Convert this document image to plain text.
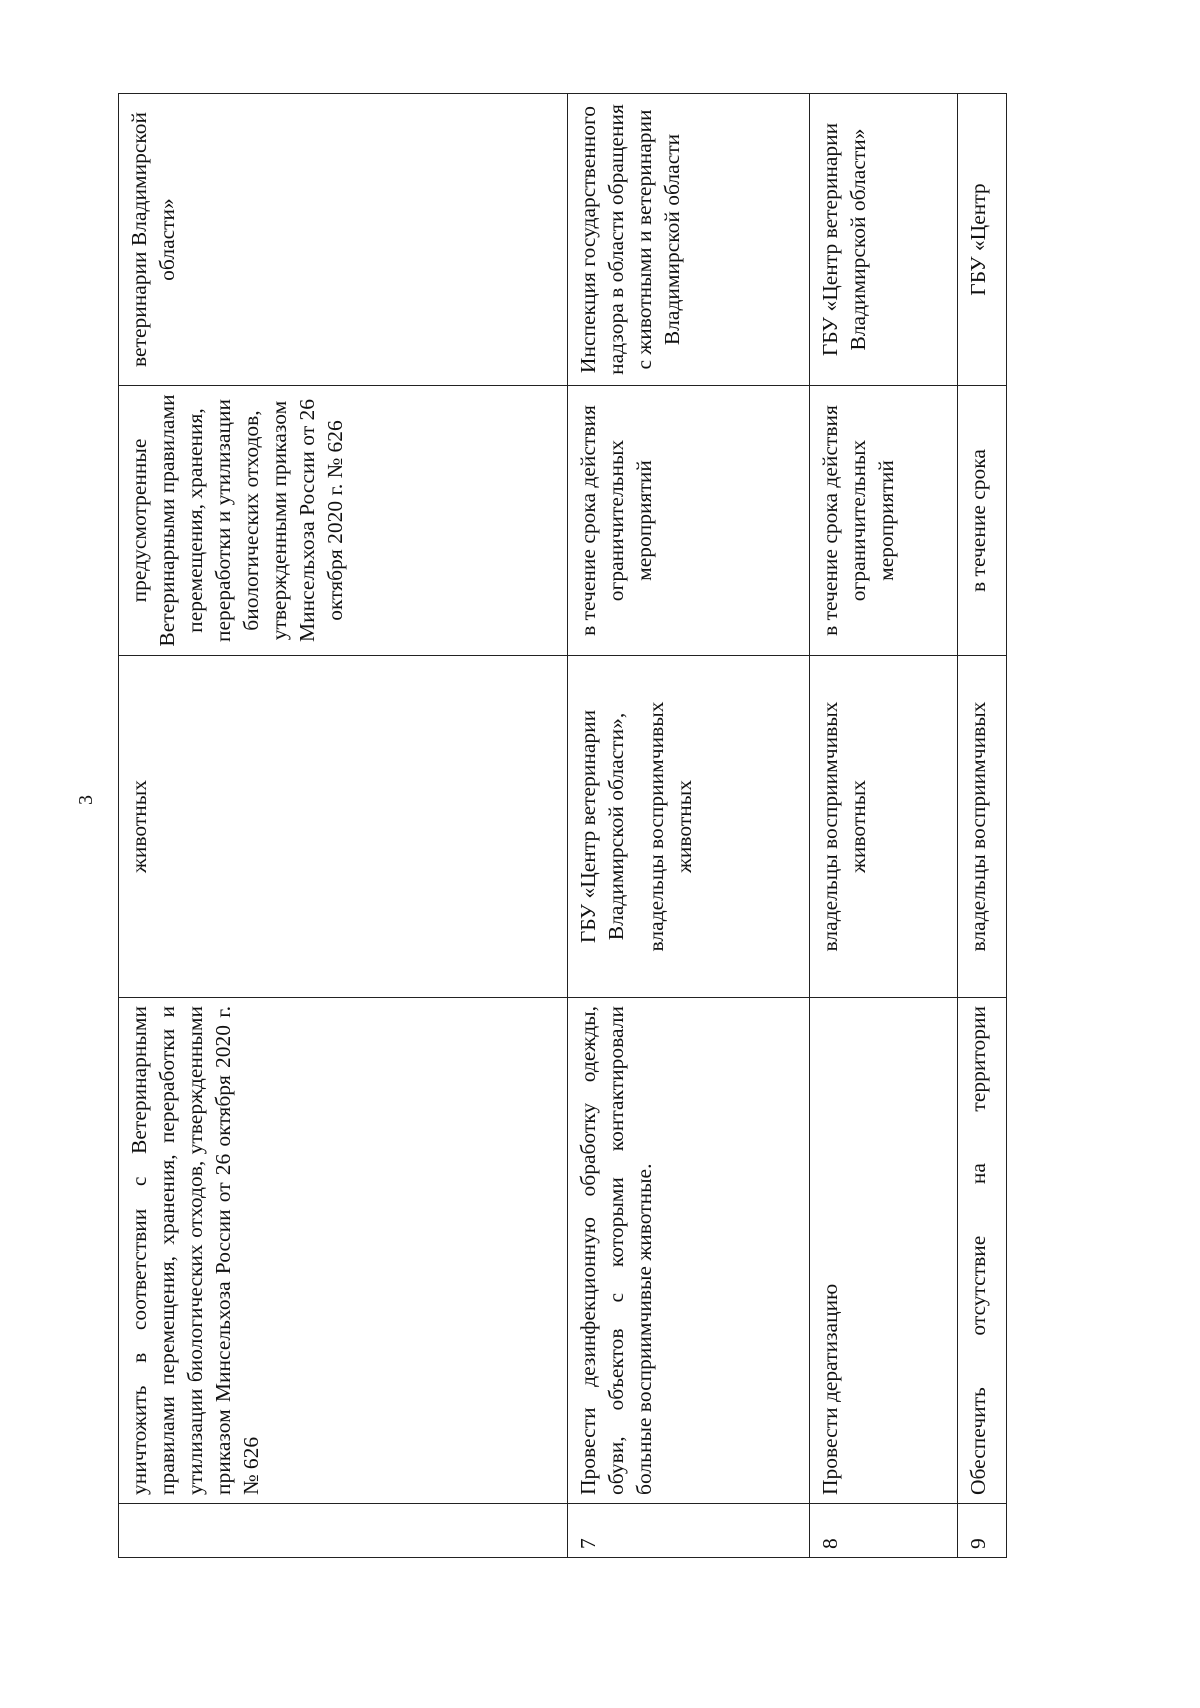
3
	уничтожить в соответствии с Ветеринарными правилами перемещения, хранения, переработки и утилизации биологических отходов, утвержденными приказом Минсельхоза России от 26 октября 2020 г. № 626	животных	предусмотренные Ветеринарными правилами перемещения, хранения, переработки и утилизации биологических отходов, утвержденными приказом Минсельхоза России от 26 октября 2020 г. № 626	ветеринарии Владимирской области»
7	Провести дезинфекционную обработку одежды, обуви, объектов с которыми контактировали больные восприимчивые животные.	ГБУ «Центр ветеринарии Владимирской области», владельцы восприимчивых животных	в течение срока действия ограничительных мероприятий	Инспекция государственного надзора в области обращения с животными и ветеринарии Владимирской области
8	Провести дератизацию	владельцы восприимчивых животных	в течение срока действия ограничительных мероприятий	ГБУ «Центр ветеринарии Владимирской области»
9	Обеспечить отсутствие на территории	владельцы восприимчивых	в течение срока	ГБУ «Центр
